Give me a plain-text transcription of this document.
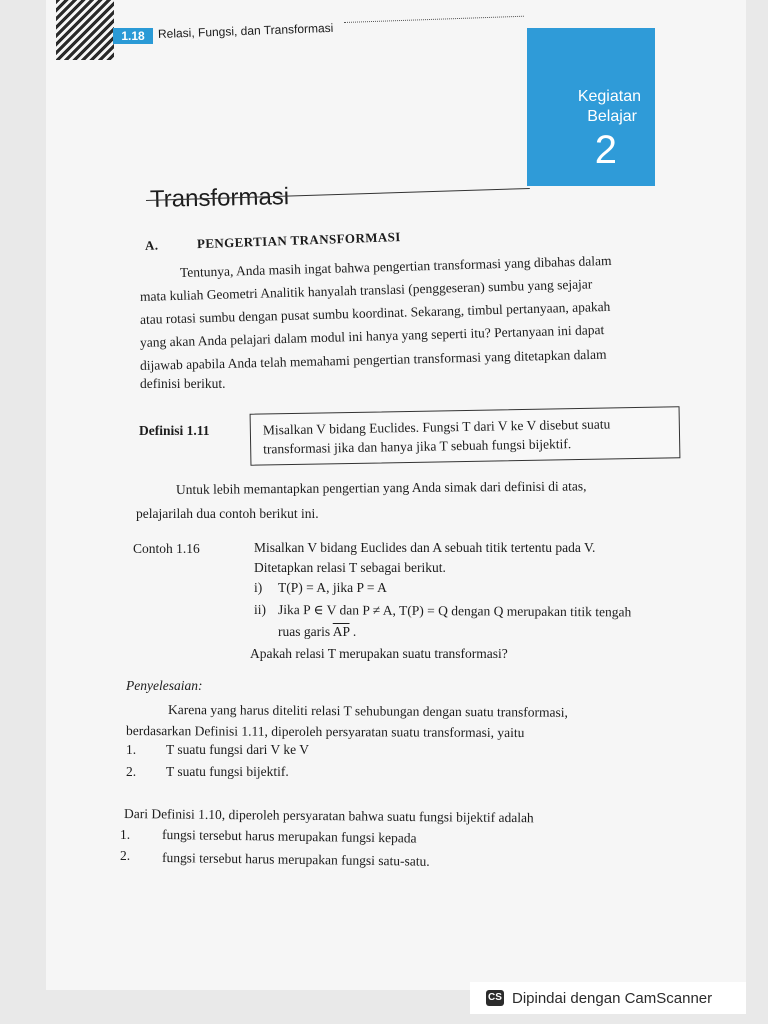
1.18	Relasi, Fungsi, dan Transformasi
Kegiatan
Belajar
2
Transformasi
A.	PENGERTIAN TRANSFORMASI
Tentunya, Anda masih ingat bahwa pengertian transformasi yang dibahas dalam
mata kuliah Geometri Analitik hanyalah translasi (penggeseran) sumbu yang sejajar
atau rotasi sumbu dengan pusat sumbu koordinat. Sekarang, timbul pertanyaan, apakah
yang akan Anda pelajari dalam modul ini hanya yang seperti itu? Pertanyaan ini dapat
dijawab apabila Anda telah memahami pengertian transformasi yang ditetapkan dalam
definisi berikut.
Definisi 1.11	Misalkan V bidang Euclides. Fungsi T dari V ke V disebut suatu
transformasi jika dan hanya jika T sebuah fungsi bijektif.
Untuk lebih memantapkan pengertian yang Anda simak dari definisi di atas,
pelajarilah dua contoh berikut ini.
Contoh 1.16	Misalkan V bidang Euclides dan A sebuah titik tertentu pada V.
Ditetapkan relasi T sebagai berikut.
i) T(P) = A, jika P = A
ii) Jika P ∈ V dan P ≠ A, T(P) = Q dengan Q merupakan titik tengah
ruas garis $\overline{AP}$ .
Apakah relasi T merupakan suatu transformasi?
Penyelesaian:
Karena yang harus diteliti relasi T sehubungan dengan suatu transformasi,
berdasarkan Definisi 1.11, diperoleh persyaratan suatu transformasi, yaitu
1. T suatu fungsi dari V ke V
2. T suatu fungsi bijektif.
Dari Definisi 1.10, diperoleh persyaratan bahwa suatu fungsi bijektif adalah
1. fungsi tersebut harus merupakan fungsi kepada
2. fungsi tersebut harus merupakan fungsi satu-satu.
CS Dipindai dengan CamScanner
